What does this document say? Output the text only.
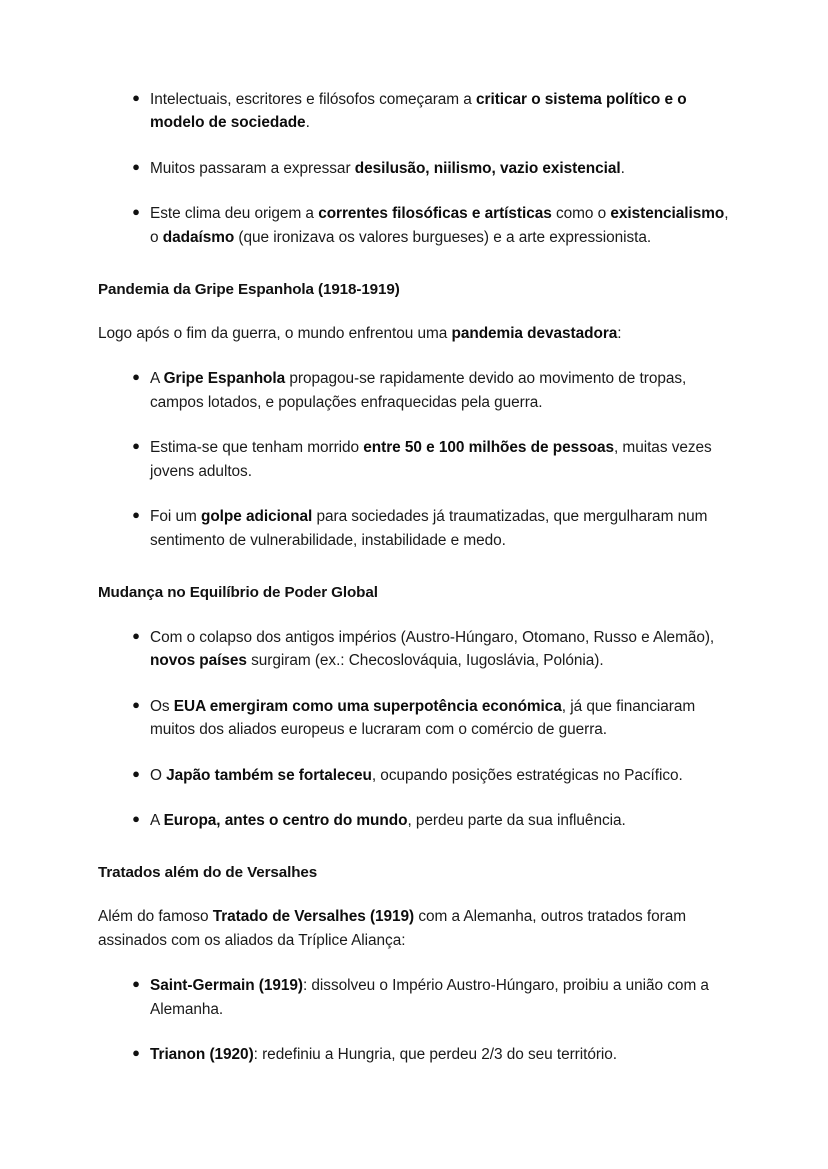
● Intelectuais, escritores e filósofos começaram a criticar o sistema político e o modelo de sociedade.
● Muitos passaram a expressar desilusão, niilismo, vazio existencial.
● Este clima deu origem a correntes filosóficas e artísticas como o existencialismo, o dadaísmo (que ironizava os valores burgueses) e a arte expressionista.
Pandemia da Gripe Espanhola (1918-1919)

Logo após o fim da guerra, o mundo enfrentou uma pandemia devastadora:

● A Gripe Espanhola propagou-se rapidamente devido ao movimento de tropas, campos lotados, e populações enfraquecidas pela guerra.
● Estima-se que tenham morrido entre 50 e 100 milhões de pessoas, muitas vezes jovens adultos.
● Foi um golpe adicional para sociedades já traumatizadas, que mergulharam num sentimento de vulnerabilidade, instabilidade e medo.
Mudança no Equilíbrio de Poder Global
● Com o colapso dos antigos impérios (Austro-Húngaro, Otomano, Russo e Alemão), novos países surgiram (ex.: Checoslováquia, Iugoslávia, Polónia).
● Os EUA emergiram como uma superpotência económica, já que financiaram muitos dos aliados europeus e lucraram com o comércio de guerra.
● O Japão também se fortaleceu, ocupando posições estratégicas no Pacífico.
● A Europa, antes o centro do mundo, perdeu parte da sua influência.
Tratados além do de Versalhes

Além do famoso Tratado de Versalhes (1919) com a Alemanha, outros tratados foram assinados com os aliados da Tríplice Aliança:

● Saint-Germain (1919): dissolveu o Império Austro-Húngaro, proibiu a união com a Alemanha.
● Trianon (1920): redefiniu a Hungria, que perdeu 2/3 do seu território.
